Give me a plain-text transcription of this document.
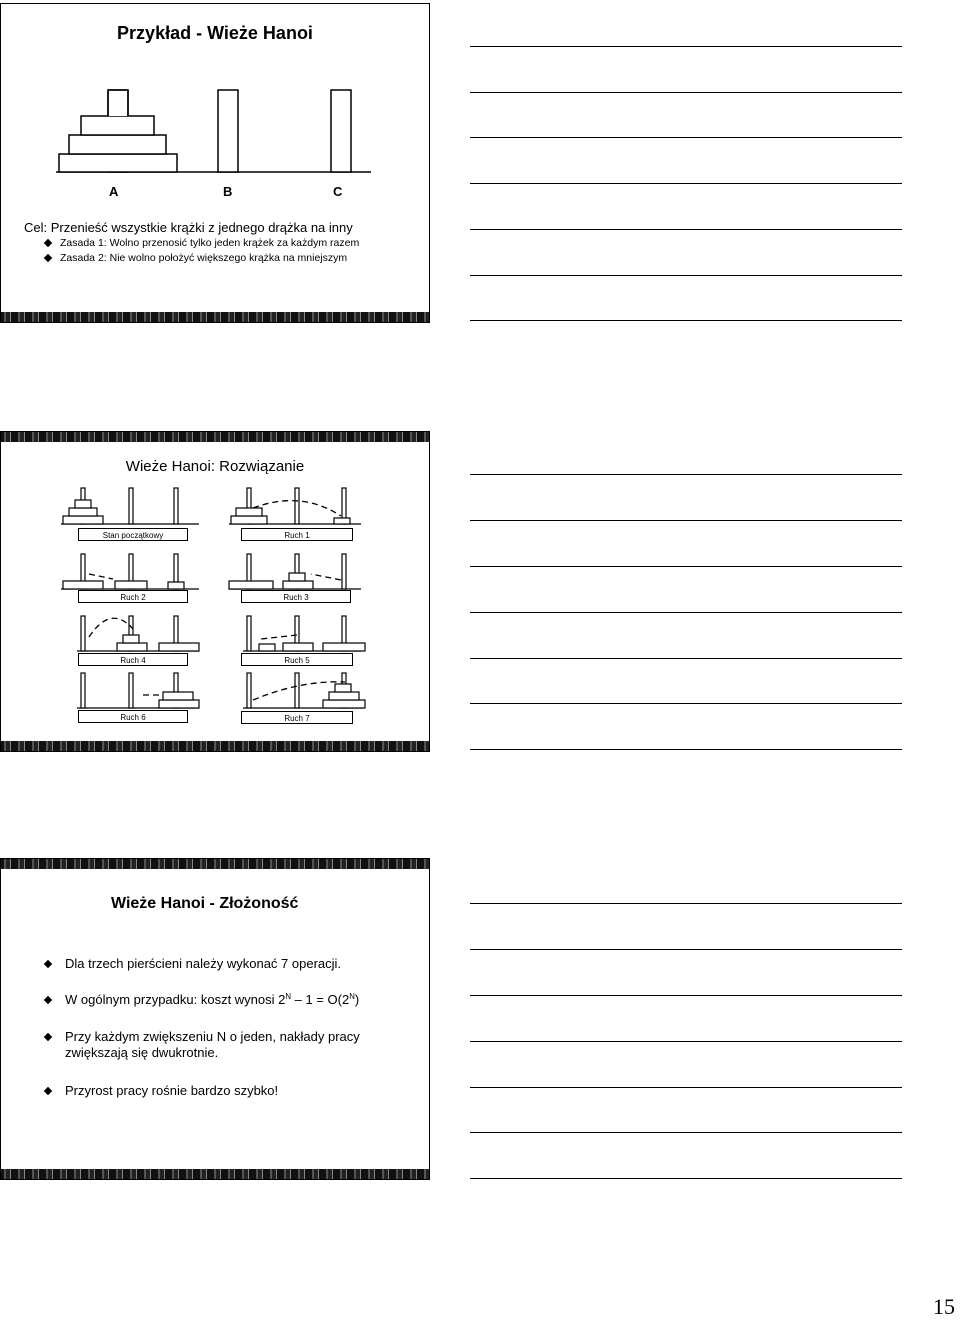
Przykład - Wieże Hanoi
A	B	C
Cel: Przenieść wszystkie krążki z jednego drążka na inny
Zasada 1: Wolno przenosić tylko jeden krążek za każdym razem
Zasada 2: Nie wolno położyć większego krążka na mniejszym
Wieże Hanoi: Rozwiązanie
Stan początkowy	Ruch 1
Ruch 2	Ruch 3
Ruch 4	Ruch 5
Ruch 6	Ruch 7
Wieże Hanoi - Złożoność
Dla trzech pierścieni należy wykonać 7 operacji.
W ogólnym przypadku: koszt wynosi $2^N - 1 = O(2^N)$
Przy każdym zwiększeniu N o jeden, nakłady pracy zwiększają się dwukrotnie.
Przyrost pracy rośnie bardzo szybko!
15
